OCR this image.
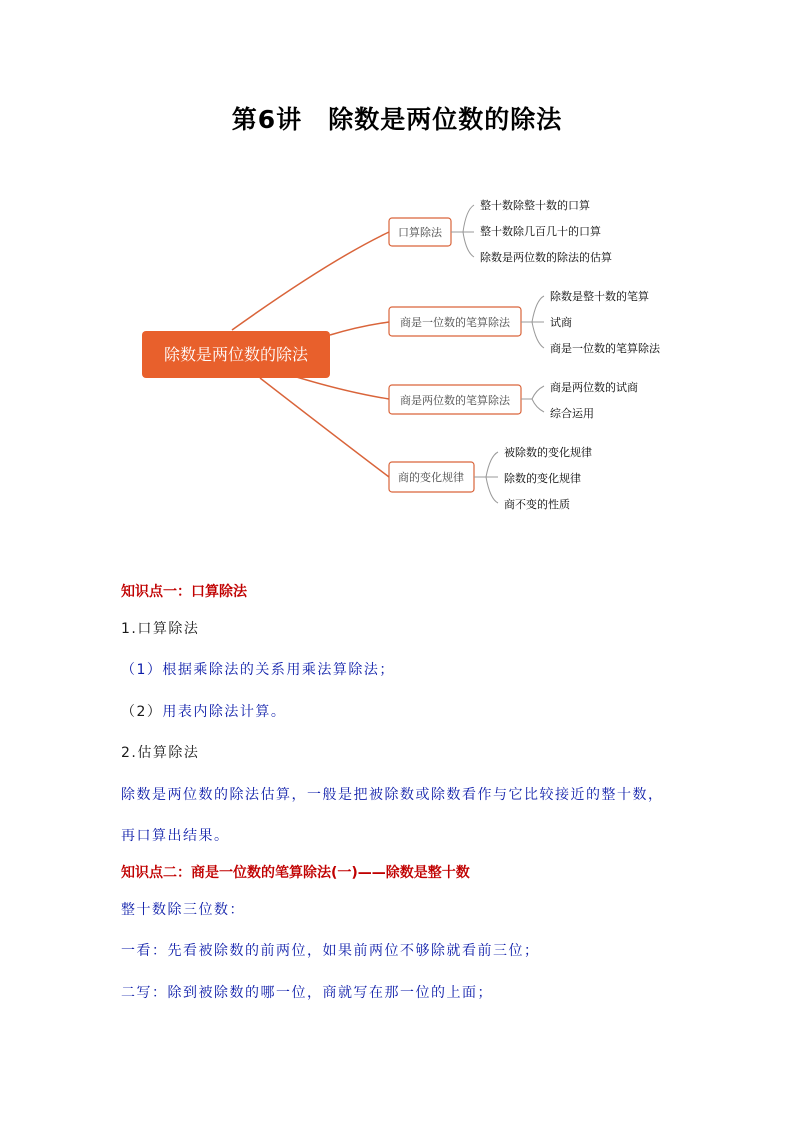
第6讲 除数是两位数的除法
除数是两位数的除法
口算除法
整十数除整十数的口算
整十数除几百几十的口算
除数是两位数的除法的估算
商是一位数的笔算除法
除数是整十数的笔算
试商
商是一位数的笔算除法
商是两位数的笔算除法
商是两位数的试商
综合运用
商的变化规律
被除数的变化规律
除数的变化规律
商不变的性质
知识点一：口算除法
1.口算除法
（1）根据乘除法的关系用乘法算除法；
（2）用表内除法计算。
2.估算除法
除数是两位数的除法估算，一般是把被除数或除数看作与它比较接近的整十数，
再口算出结果。
知识点二：商是一位数的笔算除法(一)——除数是整十数
整十数除三位数：
一看：先看被除数的前两位，如果前两位不够除就看前三位；
二写：除到被除数的哪一位，商就写在那一位的上面；
